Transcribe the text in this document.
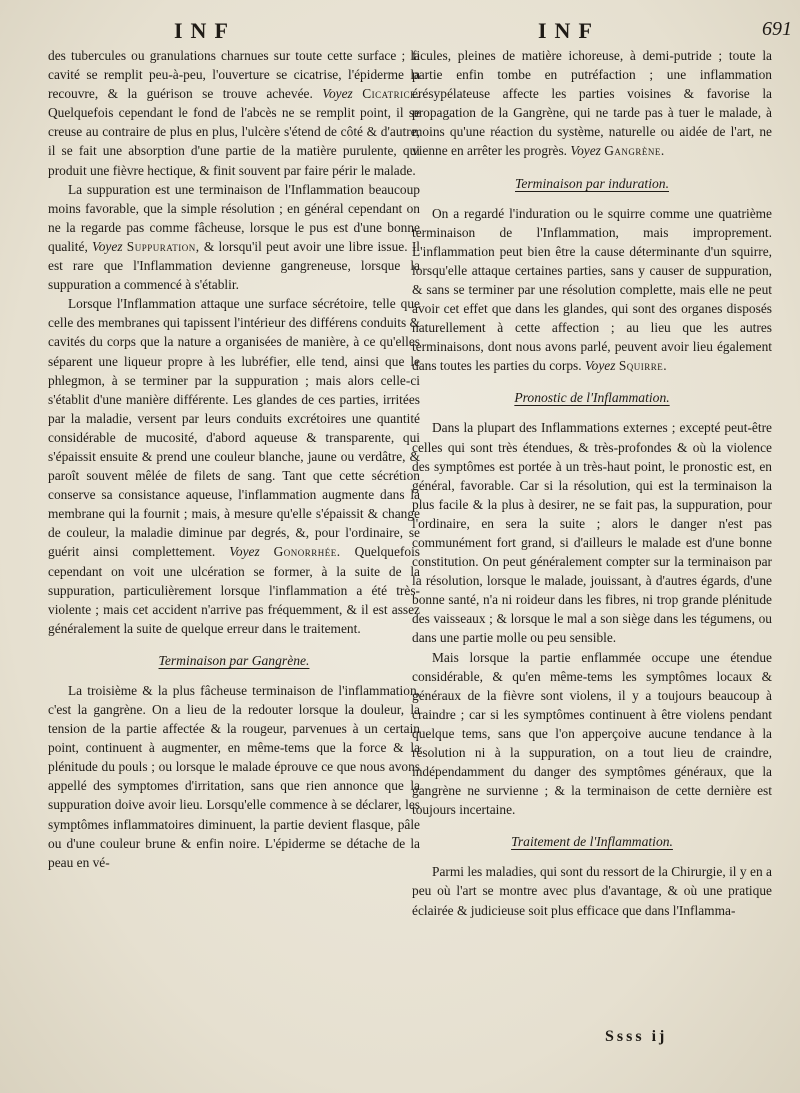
INF	INF	691

des tubercules ou granulations charnues sur toute cette surface ; la cavité se remplit peu-à-peu, l'ouverture se cicatrise, l'épiderme la recouvre, & la guérison se trouve achevée. Voyez Cicatrice. Quelquefois cependant le fond de l'abcès ne se remplit point, il se creuse au contraire de plus en plus, l'ulcère s'étend de côté & d'autre, il se fait une absorption d'une partie de la matière purulente, qui produit une fièvre hectique, & finit souvent par faire périr le malade.

La suppuration est une terminaison de l'Inflammation beaucoup moins favorable, que la simple résolution ; en général cependant on ne la regarde pas comme fâcheuse, lorsque le pus est d'une bonne qualité, Voyez Suppuration, & lorsqu'il peut avoir une libre issue. Il est rare que l'Inflammation devienne gangreneuse, lorsque la suppuration a commencé à s'établir.

Lorsque l'Inflammation attaque une surface sécrétoire, telle que celle des membranes qui tapissent l'intérieur des différens conduits & cavités du corps que la nature a organisées de manière, à ce qu'elles séparent une liqueur propre à les lubréfier, elle tend, ainsi que le phlegmon, à se terminer par la suppuration ; mais alors celle-ci s'établit d'une manière différente. Les glandes de ces parties, irritées par la maladie, versent par leurs conduits excrétoires une quantité considérable de mucosité, d'abord aqueuse & transparente, qui s'épaissit ensuite & prend une couleur blanche, jaune ou verdâtre, & paroît souvent mêlée de filets de sang. Tant que cette sécrétion conserve sa consistance aqueuse, l'inflammation augmente dans la membrane qui la fournit ; mais, à mesure qu'elle s'épaissit & change de couleur, la maladie diminue par degrés, &, pour l'ordinaire, se guérit ainsi complettement. Voyez Gonorrhée. Quelquefois cependant on voit une ulcération se former, à la suite de la suppuration, particulièrement lorsque l'inflammation a été très-violente ; mais cet accident n'arrive pas fréquemment, & il est assez généralement la suite de quelque erreur dans le traitement.

Terminaison par Gangrène.

La troisième & la plus fâcheuse terminaison de l'inflammation, c'est la gangrène. On a lieu de la redouter lorsque la douleur, la tension de la partie affectée & la rougeur, parvenues à un certain point, continuent à augmenter, en même-tems que la force & la plénitude du pouls ; ou lorsque le malade éprouve ce que nous avons appellé des symptomes d'irritation, sans que rien annonce que la suppuration doive avoir lieu. Lorsqu'elle commence à se déclarer, les symptômes inflammatoires diminuent, la partie devient flasque, pâle ou d'une couleur brune & enfin noire. L'épiderme se détache de la peau en vé-

ficules, pleines de matière ichoreuse, à demi-putride ; toute la partie enfin tombe en putréfaction ; une inflammation érésypélateuse affecte les parties voisines & favorise la propagation de la Gangrène, qui ne tarde pas à tuer le malade, à moins qu'une réaction du système, naturelle ou aidée de l'art, ne vienne en arrêter les progrès. Voyez Gangrène.

Terminaison par induration.

On a regardé l'induration ou le squirre comme une quatrième terminaison de l'Inflammation, mais improprement. L'inflammation peut bien être la cause déterminante d'un squirre, lorsqu'elle attaque certaines parties, sans y causer de suppuration, & sans se terminer par une résolution complette, mais elle ne peut avoir cet effet que dans les glandes, qui sont des organes disposés naturellement à cette affection ; au lieu que les autres terminaisons, dont nous avons parlé, peuvent avoir lieu également dans toutes les parties du corps. Voyez Squirre.

Pronostic de l'Inflammation.

Dans la plupart des Inflammations externes ; excepté peut-être celles qui sont très étendues, & très-profondes & où la violence des symptômes est portée à un très-haut point, le pronostic est, en général, favorable. Car si la résolution, qui est la terminaison la plus facile & la plus à desirer, ne se fait pas, la suppuration, pour l'ordinaire, en sera la suite ; alors le danger n'est pas communément fort grand, si d'ailleurs le malade est d'une bonne constitution. On peut généralement compter sur la terminaison par la résolution, lorsque le malade, jouissant, à d'autres égards, d'une bonne santé, n'a ni roideur dans les fibres, ni trop grande plénitude des vaisseaux ; & lorsque le mal a son siège dans les tégumens, ou dans une partie molle ou peu sensible.

Mais lorsque la partie enflammée occupe une étendue considérable, & qu'en même-tems les symptômes locaux & généraux de la fièvre sont violens, il y a toujours beaucoup à craindre ; car si les symptômes continuent à être violens pendant quelque tems, sans que l'on apperçoive aucune tendance à la résolution ni à la suppuration, on a tout lieu de craindre, indépendamment du danger des symptômes généraux, que la gangrène ne survienne ; & la terminaison de cette dernière est toujours incertaine.

Traitement de l'Inflammation.

Parmi les maladies, qui sont du ressort de la Chirurgie, il y en a peu où l'art se montre avec plus d'avantage, & où une pratique éclairée & judicieuse soit plus efficace que dans l'Inflamma-

Ssss ij
